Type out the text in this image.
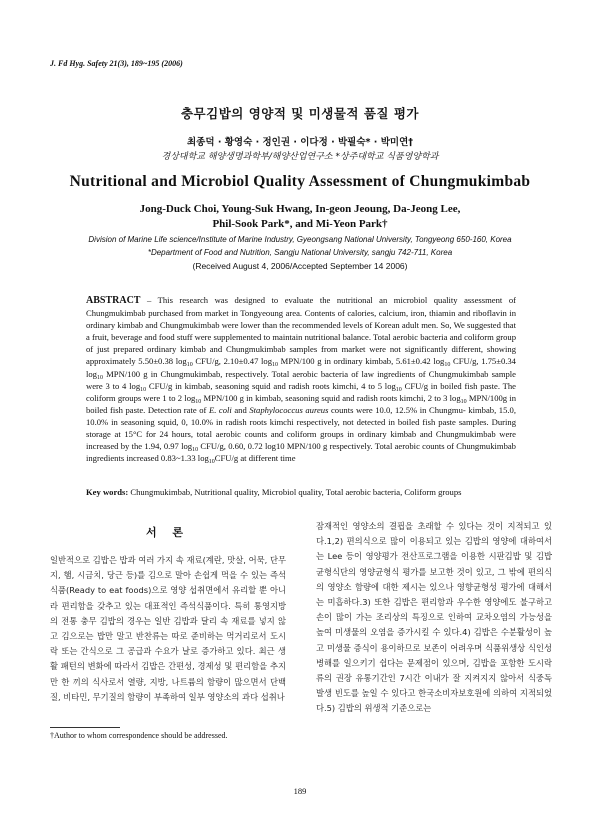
J. Fd Hyg. Safety 21(3), 189~195 (2006)
충무김밥의 영양적 및 미생물적 품질 평가
최종덕 · 황영숙 · 정인권 · 이다정 · 박필숙* · 박미연†
경상대학교 해양생명과학부/해양산업연구소 *상주대학교 식품영양학과
Nutritional and Microbiol Quality Assessment of Chungmukimbab
Jong-Duck Choi, Young-Suk Hwang, In-geon Jeoung, Da-Jeong Lee,
Phil-Sook Park*, and Mi-Yeon Park†
Division of Marine Life science/Institute of Marine Industry, Gyeongsang National University, Tongyeong 650-160, Korea
*Department of Food and Nutrition, Sangju National University, sangju 742-711, Korea
(Received August 4, 2006/Accepted September 14 2006)
ABSTRACT – This research was designed to evaluate the nutritional an microbiol quality assessment of Chungmukimbab purchased from market in Tongyeoung area. Contents of calories, calcium, iron, thiamin and riboflavin in ordinary kimbab and Chungmukimbab were lower than the recommended levels of Korean adult men. So, We suggested that a fruit, beverage and food stuff were supplemented to maintain nutritional balance. Total aerobic bacteria and coliform group of just prepared ordinary kimbab and Chungmukimbab samples from market were not significantly different, showing approximately 5.50±0.38 $\log_{10} CFU/g$, 2.10±0.47 $\log_{10} MPN/100$ g in ordinary kimbab, 5.61±0.42 $\log_{10} CFU/g$, 1.75±0.34 $\log_{10} MPN/100$ g in Chungmukimbab, respectively. Total aerobic bacteria of law ingredients of Chungmukimbab sample were 3 to 4 $\log_{10} CFU/g$ in kimbab, seasoning squid and radish roots kimchi, 4 to 5 $\log_{10} CFU/g$ in boiled fish paste. The coliform groups were 1 to 2 $\log_{10} MPN/100$ g in kimbab, seasoning squid and radish roots kimchi, 2 to 3 $\log_{10} MPN/100g$ in boiled fish paste. Detection rate of E. coli and Staphylococcus aureus counts were 10.0, 12.5% in Chungmu- kimbab, 15.0, 10.0% in seasoning squid, 0, 10.0% in radish roots kimchi respectively, not detected in boiled fish paste samples. During storage at 15°C for 24 hours, total aerobic counts and coliform groups in ordinary kimbab and Chungmukimbab were increased by the 1.94, 0.97 $\log_{10} CFU/g$, 0.60, 0.72 log10 MPN/100 g respectively. Total aerobic counts of Chungmukimbab ingredients increased 0.83~1.33 $\log_{10}CFU/g$ at different time
Key words: Chungmukimbab, Nutritional quality, Microbiol quality, Total aerobic bacteria, Coliform groups
서 론
일반적으로 김밥은 밥과 여러 가지 속 재료(계란, 맛살, 어묵, 단무지, 햄, 시금치, 당근 등)를 김으로 말아 손쉽게 먹을 수 있는 즉석식품(Ready to eat foods)으로 영양 섭취면에서 유리할 뿐 아니라 편리함을 갖추고 있는 대표적인 즉석식품이다. 특히 통영지방의 전통 충무 김밥의 경우는 일반 김밥과 달리 속 재료를 넣지 않고 김으로는 밥만 말고 반찬류는 따로 준비하는 먹거리로서 도시락 또는 간식으로 그 공급과 수요가 날로 증가하고 있다. 최근 생활 패턴의 변화에 따라서 김밥은 간편성, 경제성 및 편리함을 추지만 한 끼의 식사로서 열량, 지방, 나트륨의 함량이 많으면서 단백질, 비타민, 무기질의 함량이 부족하여 일부 영양소의 과다 섭취나
잠재적인 영양소의 결핍을 초래할 수 있다는 것이 지적되고 있다.1,2) 편의식으로 많이 이용되고 있는 김밥의 영양에 대하여서는 Lee 등이 영양평가 전산프로그램을 이용한 시판김밥 및 김밥균형식단의 영양균형식 평가를 보고한 것이 있고, 그 밖에 편의식의 영양소 함량에 대한 제시는 있으나 영향균형성 평가에 대해서는 미흡하다.3) 또한 김밥은 편리함과 우수한 영양에도 불구하고 손이 많이 가는 조리상의 특징으로 인하여 교차오염의 가능성을 높여 미생물의 오염을 증가시킬 수 있다.4) 김밥은 수분활성이 높고 미생물 증식이 용이하므로 보존이 어려우며 식품위생상 식인성 병해를 일으키기 쉽다는 문제점이 있으며, 김밥을 포함한 도시락류의 권장 유통기간인 7시간 이내가 잘 지켜지지 않아서 식중독 발생 빈도를 높일 수 있다고 한국소비자보호원에 의하여 지적되었다.5) 김밥의 위생적 기준으로는
†Author to whom correspondence should be addressed.
189
